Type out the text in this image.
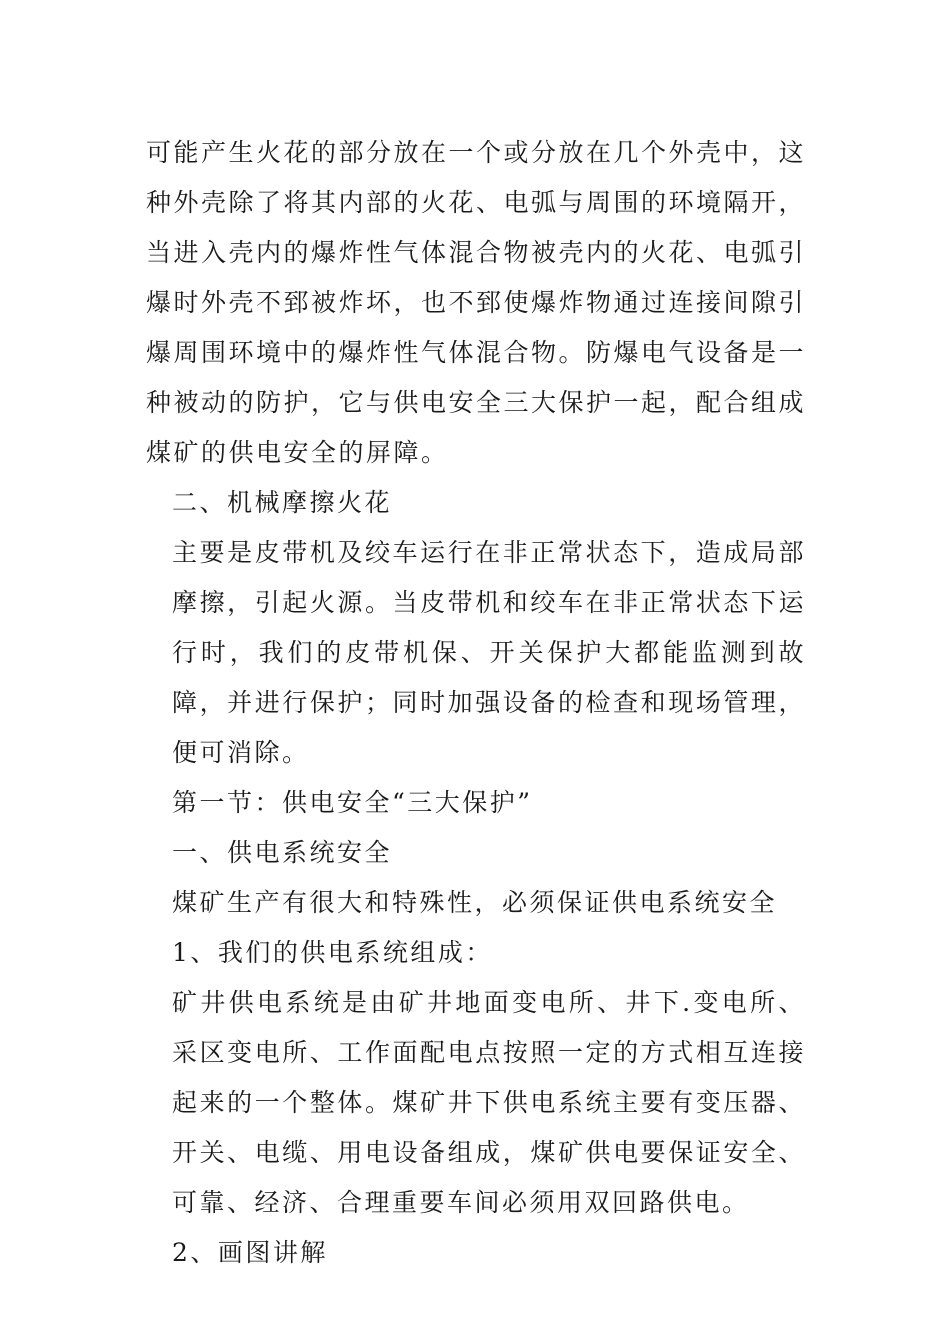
可能产生火花的部分放在一个或分放在几个外壳中，这种外壳除了将其内部的火花、电弧与周围的环境隔开，当进入壳内的爆炸性气体混合物被壳内的火花、电弧引爆时外壳不郅被炸坏，也不郅使爆炸物通过连接间隙引爆周围环境中的爆炸性气体混合物。防爆电气设备是一种被动的防护，它与供电安全三大保护一起，配合组成煤矿的供电安全的屏障。

二、机械摩擦火花

主要是皮带机及绞车运行在非正常状态下，造成局部摩擦，引起火源。当皮带机和绞车在非正常状态下运行时，我们的皮带机保、开关保护大都能监测到故障，并进行保护；同时加强设备的检查和现场管理，便可消除。

第一节：供电安全“三大保护”

一、供电系统安全

煤矿生产有很大和特殊性，必须保证供电系统安全

1、我们的供电系统组成：

矿井供电系统是由矿井地面变电所、井下.变电所、采区变电所、工作面配电点按照一定的方式相互连接起来的一个整体。煤矿井下供电系统主要有变压器、开关、电缆、用电设备组成，煤矿供电要保证安全、可靠、经济、合理重要车间必须用双回路供电。

2、画图讲解
